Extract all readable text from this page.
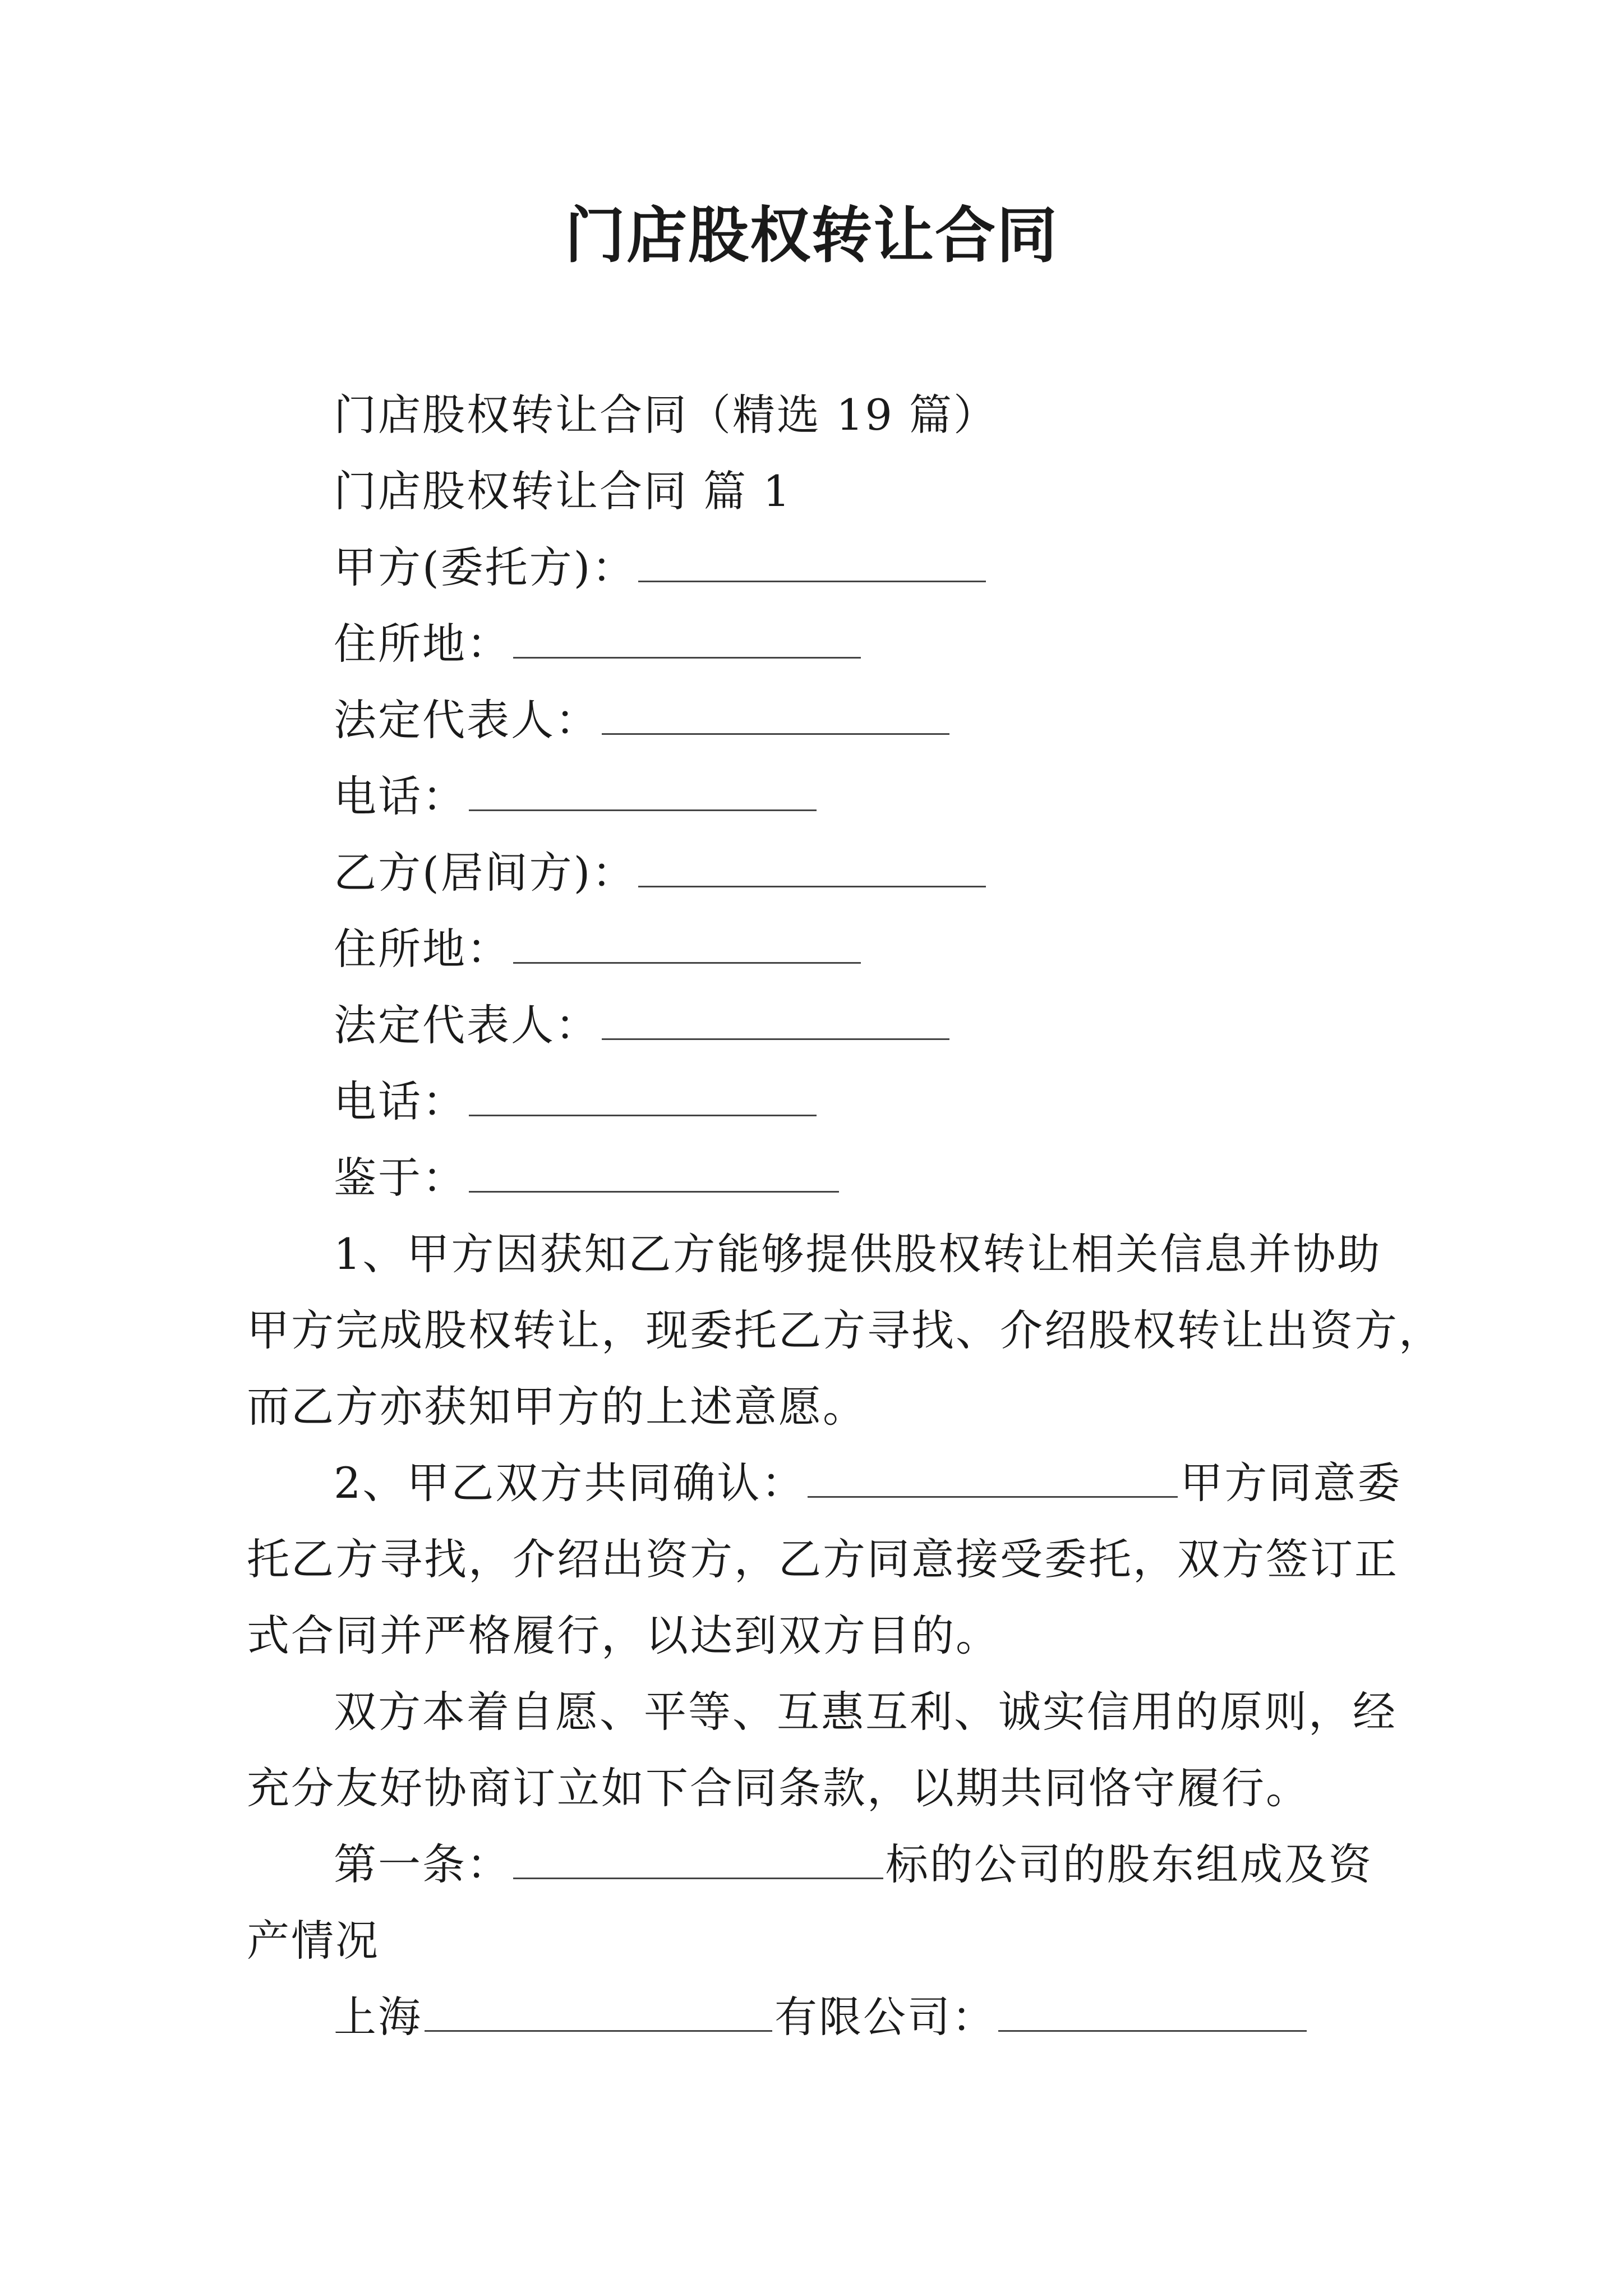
门店股权转让合同
门店股权转让合同（精选 19 篇）
门店股权转让合同 篇 1
甲方(委托方)：
住所地：
法定代表人：
电话：
乙方(居间方)：
住所地：
法定代表人：
电话：
鉴于：
1、甲方因获知乙方能够提供股权转让相关信息并协助
甲方完成股权转让，现委托乙方寻找、介绍股权转让出资方，
而乙方亦获知甲方的上述意愿。
2、甲乙双方共同确认：	甲方同意委
托乙方寻找，介绍出资方，乙方同意接受委托，双方签订正
式合同并严格履行，以达到双方目的。
双方本着自愿、平等、互惠互利、诚实信用的原则，经
充分友好协商订立如下合同条款，以期共同恪守履行。
第一条：	标的公司的股东组成及资
产情况
上海	有限公司：
